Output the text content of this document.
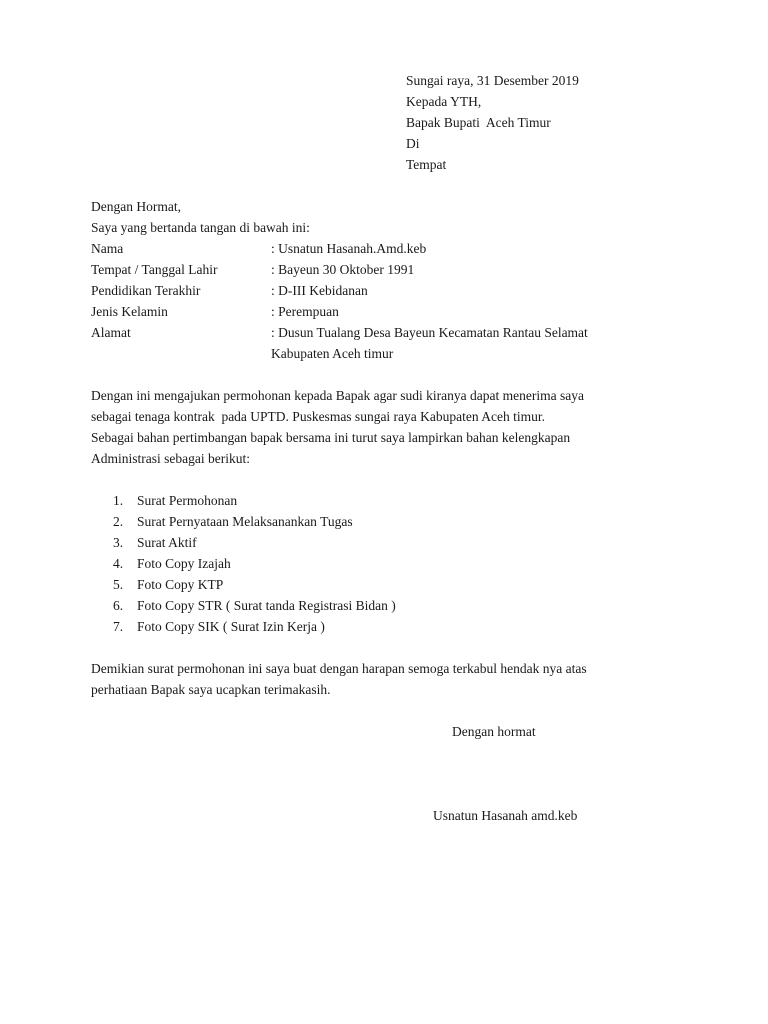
Sungai raya, 31 Desember 2019
Kepada YTH,
Bapak Bupati  Aceh Timur
Di
Tempat
Dengan Hormat,
Saya yang bertanda tangan di bawah ini:
Nama	: Usnatun Hasanah.Amd.keb
Tempat / Tanggal Lahir	: Bayeun 30 Oktober 1991
Pendidikan Terakhir	: D-III Kebidanan
Jenis Kelamin	: Perempuan
Alamat	: Dusun Tualang Desa Bayeun Kecamatan Rantau Selamat
Kabupaten Aceh timur
Dengan ini mengajukan permohonan kepada Bapak agar sudi kiranya dapat menerima saya
sebagai tenaga kontrak  pada UPTD. Puskesmas sungai raya Kabupaten Aceh timur.
Sebagai bahan pertimbangan bapak bersama ini turut saya lampirkan bahan kelengkapan
Administrasi sebagai berikut:
1. Surat Permohonan
2. Surat Pernyataan Melaksanankan Tugas
3. Surat Aktif
4. Foto Copy Izajah
5. Foto Copy KTP
6. Foto Copy STR ( Surat tanda Registrasi Bidan )
7. Foto Copy SIK ( Surat Izin Kerja )
Demikian surat permohonan ini saya buat dengan harapan semoga terkabul hendak nya atas
perhatiaan Bapak saya ucapkan terimakasih.
Dengan hormat
Usnatun Hasanah amd.keb
